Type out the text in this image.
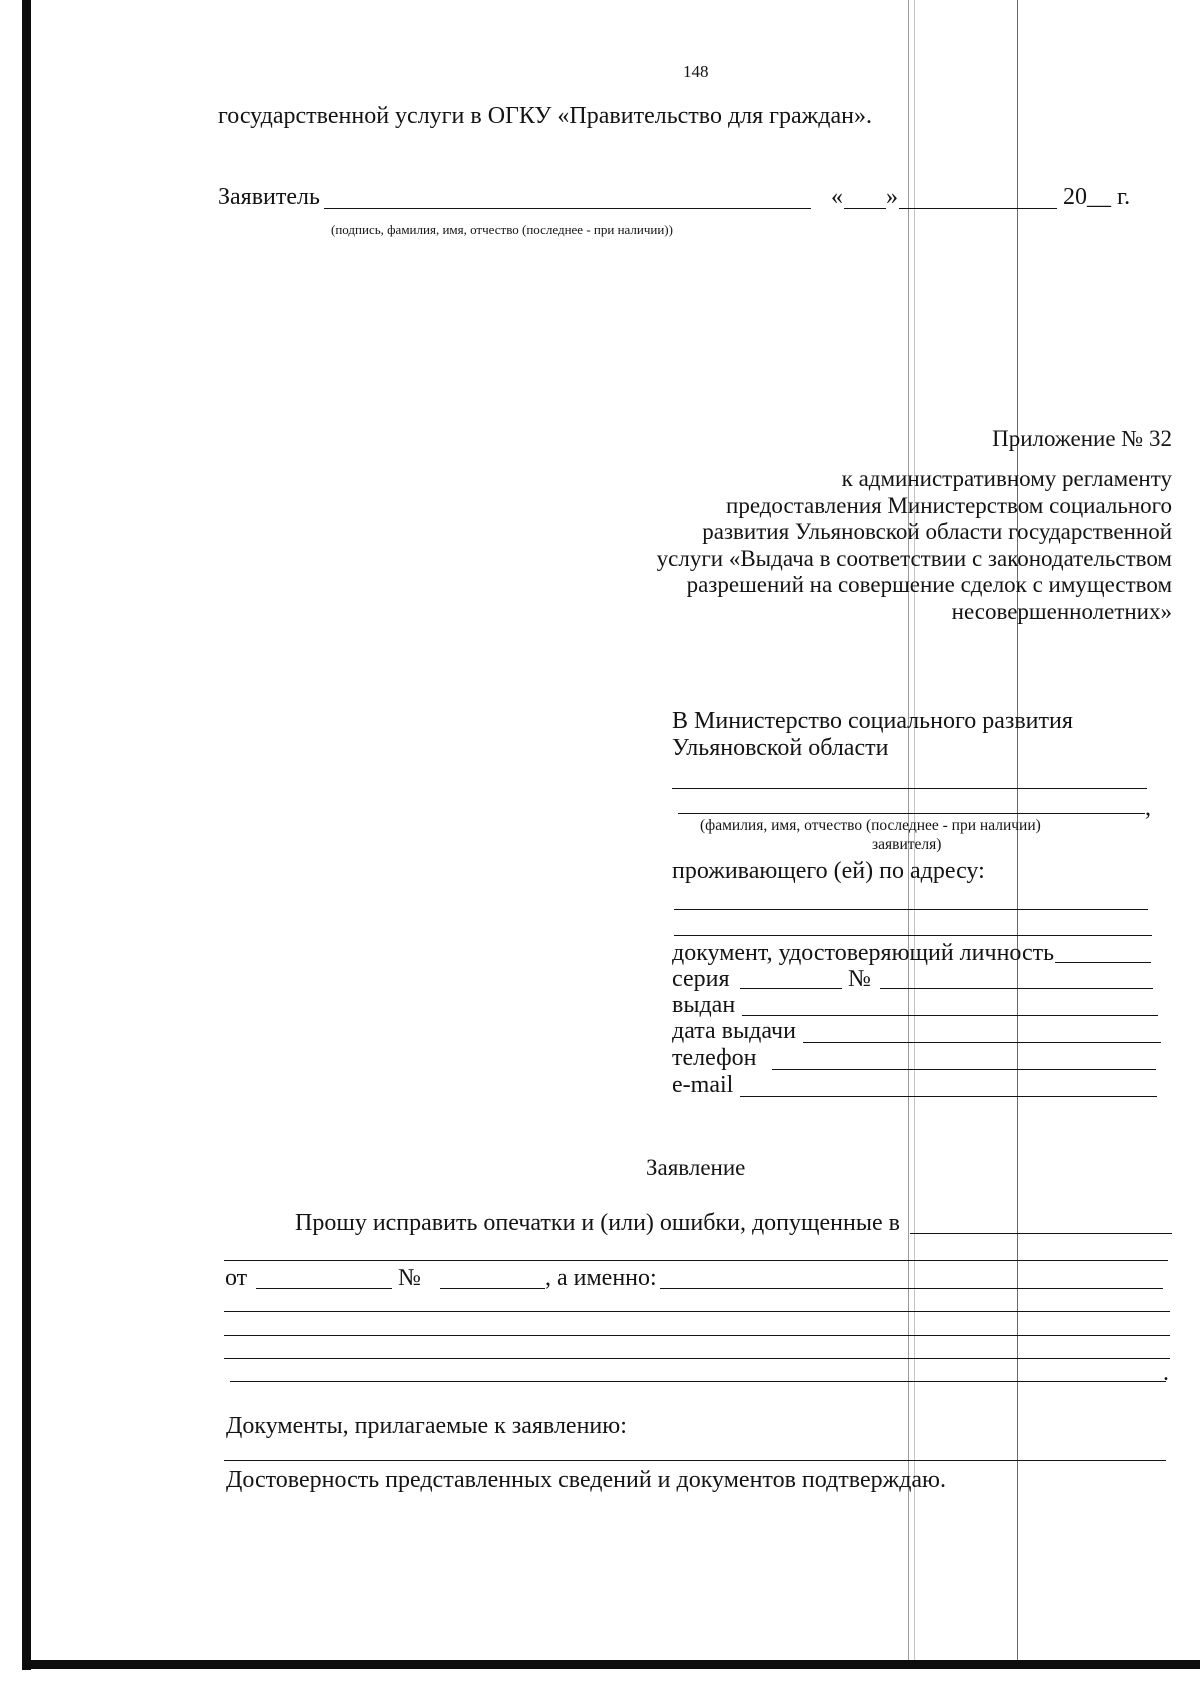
148
государственной услуги в ОГКУ «Правительство для граждан».
Заявитель	« »	20__ г.
(подпись, фамилия, имя, отчество (последнее - при наличии))
Приложение № 32
к административному регламенту
предоставления Министерством социального
развития Ульяновской области государственной
услуги «Выдача в соответствии с законодательством
разрешений на совершение сделок с имуществом
несовершеннолетних»
В Министерство социального развития
Ульяновской области
,
(фамилия, имя, отчество (последнее - при наличии)
заявителя)
проживающего (ей) по адресу:
документ, удостоверяющий личность
серия	№
выдан
дата выдачи
телефон
e-mail
Заявление
Прошу исправить опечатки и (или) ошибки, допущенные в
от	№	, а именно:
.
Документы, прилагаемые к заявлению:
Достоверность представленных сведений и документов подтверждаю.
